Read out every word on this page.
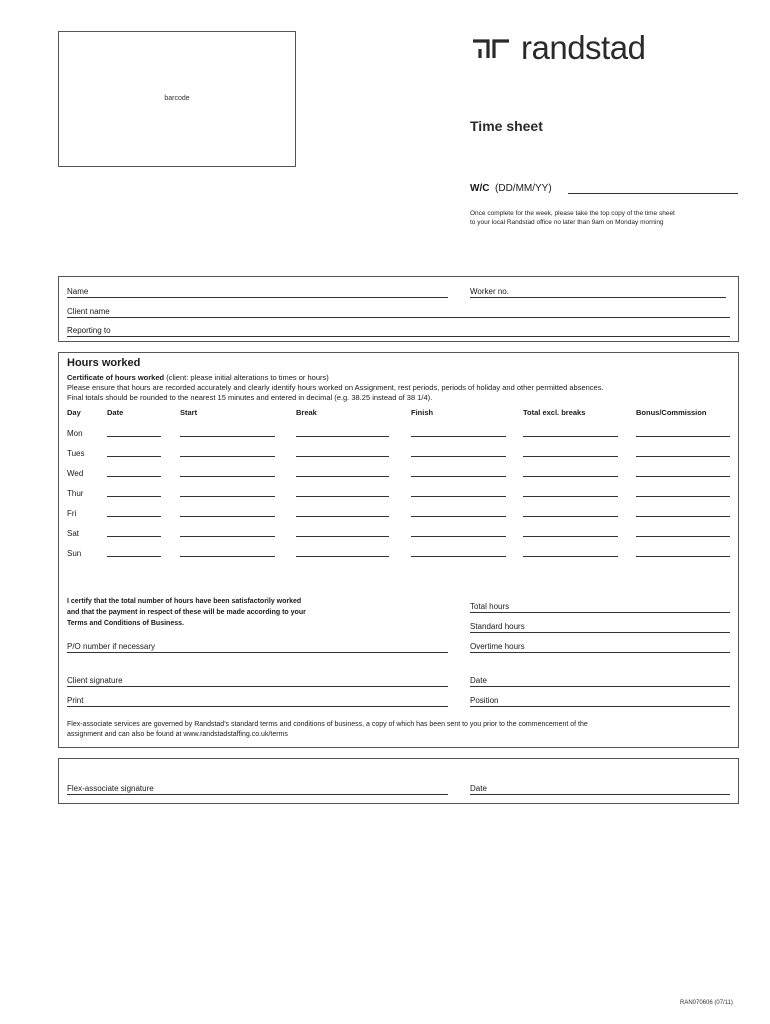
barcode
randstad
Time sheet
W/C (DD/MM/YY)
Once complete for the week, please take the top copy of the time sheet
to your local Randstad office no later than 9am on Monday morning
Name	Worker no.
Client name
Reporting to
Hours worked
Certificate of hours worked (client: please initial alterations to times or hours)
Please ensure that hours are recorded accurately and clearly identify hours worked on Assignment, rest periods, periods of holiday and other permitted absences.
Final totals should be rounded to the nearest 15 minutes and entered in decimal (e.g. 38.25 instead of 38 1/4).
Day	Date	Start	Break	Finish	Total excl. breaks	Bonus/Commission
Mon
Tues
Wed
Thur
Fri
Sat
Sun
I certify that the total number of hours have been satisfactorily worked
and that the payment in respect of these will be made according to your
Terms and Conditions of Business.
Total hours
Standard hours
P/O number if necessary	Overtime hours
Client signature	Date
Print	Position
Flex-associate services are governed by Randstad's standard terms and conditions of business, a copy of which has been sent to you prior to the commencement of the
assignment and can also be found at www.randstadstaffing.co.uk/terms
Flex-associate signature	Date
RAN070606 (07/11)
